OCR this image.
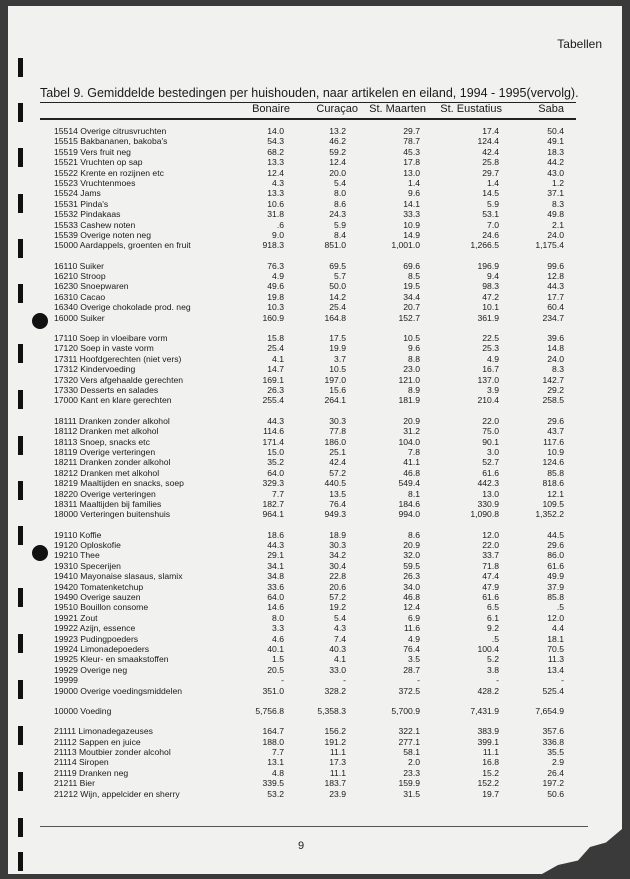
Tabellen
Tabel 9. Gemiddelde bestedingen per huishouden, naar artikelen en eiland, 1994 - 1995(vervolg).
Bonaire	Curaçao	St. Maarten	St. Eustatius	Saba
15514 Overige citrusvruchten	14.0	13.2	29.7	17.4	50.4
15515 Bakbananen, bakoba's	54.3	46.2	78.7	124.4	49.1
15519 Vers fruit neg	68.2	59.2	45.3	42.4	18.3
15521 Vruchten op sap	13.3	12.4	17.8	25.8	44.2
15522 Krente en rozijnen etc	12.4	20.0	13.0	29.7	43.0
15523 Vruchtenmoes	4.3	5.4	1.4	1.4	1.2
15524 Jams	13.3	8.0	9.6	14.5	37.1
15531 Pinda's	10.6	8.6	14.1	5.9	8.3
15532 Pindakaas	31.8	24.3	33.3	53.1	49.8
15533 Cashew noten	.6	5.9	10.9	7.0	2.1
15539 Overige noten neg	9.0	8.4	14.9	24.6	24.0
15000 Aardappels, groenten en fruit	918.3	851.0	1,001.0	1,266.5	1,175.4
16110 Suiker	76.3	69.5	69.6	196.9	99.6
16210 Stroop	4.9	5.7	8.5	9.4	12.8
16230 Snoepwaren	49.6	50.0	19.5	98.3	44.3
16310 Cacao	19.8	14.2	34.4	47.2	17.7
16340 Overige chokolade prod. neg	10.3	25.4	20.7	10.1	60.4
16000 Suiker	160.9	164.8	152.7	361.9	234.7
17110 Soep in vloeibare vorm	15.8	17.5	10.5	22.5	39.6
17120 Soep in vaste vorm	25.4	19.9	9.6	25.3	14.8
17311 Hoofdgerechten (niet vers)	4.1	3.7	8.8	4.9	24.0
17312 Kindervoeding	14.7	10.5	23.0	16.7	8.3
17320 Vers afgehaalde gerechten	169.1	197.0	121.0	137.0	142.7
17330 Desserts en salades	26.3	15.6	8.9	3.9	29.2
17000 Kant en klare gerechten	255.4	264.1	181.9	210.4	258.5
18111 Dranken zonder alkohol	44.3	30.3	20.9	22.0	29.6
18112 Dranken met alkohol	114.6	77.8	31.2	75.0	43.7
18113 Snoep, snacks etc	171.4	186.0	104.0	90.1	117.6
18119 Overige verteringen	15.0	25.1	7.8	3.0	10.9
18211 Dranken zonder alkohol	35.2	42.4	41.1	52.7	124.6
18212 Dranken met alkohol	64.0	57.2	46.8	61.6	85.8
18219 Maaltijden en snacks, soep	329.3	440.5	549.4	442.3	818.6
18220 Overige verteringen	7.7	13.5	8.1	13.0	12.1
18311 Maaltijden bij families	182.7	76.4	184.6	330.9	109.5
18000 Verteringen buitenshuis	964.1	949.3	994.0	1,090.8	1,352.2
19110 Koffie	18.6	18.9	8.6	12.0	44.5
19120 Oploskofie	44.3	30.3	20.9	22.0	29.6
19210 Thee	29.1	34.2	32.0	33.7	86.0
19310 Specerijen	34.1	30.4	59.5	71.8	61.6
19410 Mayonaise slasaus, slamix	34.8	22.8	26.3	47.4	49.9
19420 Tomatenketchup	33.6	20.6	34.0	47.9	37.9
19490 Overige sauzen	64.0	57.2	46.8	61.6	85.8
19510 Bouillon consome	14.6	19.2	12.4	6.5	.5
19921 Zout	8.0	5.4	6.9	6.1	12.0
19922 Azijn, essence	3.3	4.3	11.6	9.2	4.4
19923 Pudingpoeders	4.6	7.4	4.9	.5	18.1
19924 Limonadepoeders	40.1	40.3	76.4	100.4	70.5
19925 Kleur- en smaakstoffen	1.5	4.1	3.5	5.2	11.3
19929 Overige neg	20.5	33.0	28.7	3.8	13.4
19999	-	-	-	-	-
19000 Overige voedingsmiddelen	351.0	328.2	372.5	428.2	525.4
10000 Voeding	5,756.8	5,358.3	5,700.9	7,431.9	7,654.9
21111 Limonadegazeuses	164.7	156.2	322.1	383.9	357.6
21112 Sappen en juice	188.0	191.2	277.1	399.1	336.8
21113 Moutbier zonder alcohol	7.7	11.1	58.1	11.1	35.5
21114 Siropen	13.1	17.3	2.0	16.8	2.9
21119 Dranken neg	4.8	11.1	23.3	15.2	26.4
21211 Bier	339.5	183.7	159.9	152.2	197.2
21212 Wijn, appelcider en sherry	53.2	23.9	31.5	19.7	50.6
9
